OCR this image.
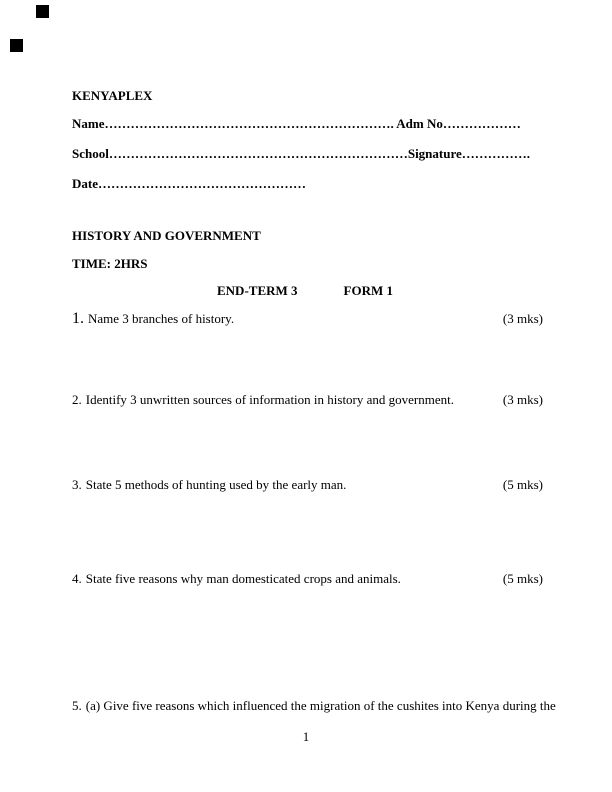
KENYAPLEX
Name…………………………………………………………. Adm No………………
School……………………………………………………………Signature…………….
Date…………………………………………
HISTORY AND GOVERNMENT
TIME: 2HRS
END-TERM 3	FORM 1
1. Name 3 branches of history.	(3 mks)
2. Identify 3 unwritten sources of information in history and government.	(3 mks)
3. State 5 methods of hunting used by the early man.	(5 mks)
4. State five reasons why man domesticated crops and animals.	(5 mks)
5. (a) Give five reasons which influenced the migration of the cushites into Kenya during the
1
